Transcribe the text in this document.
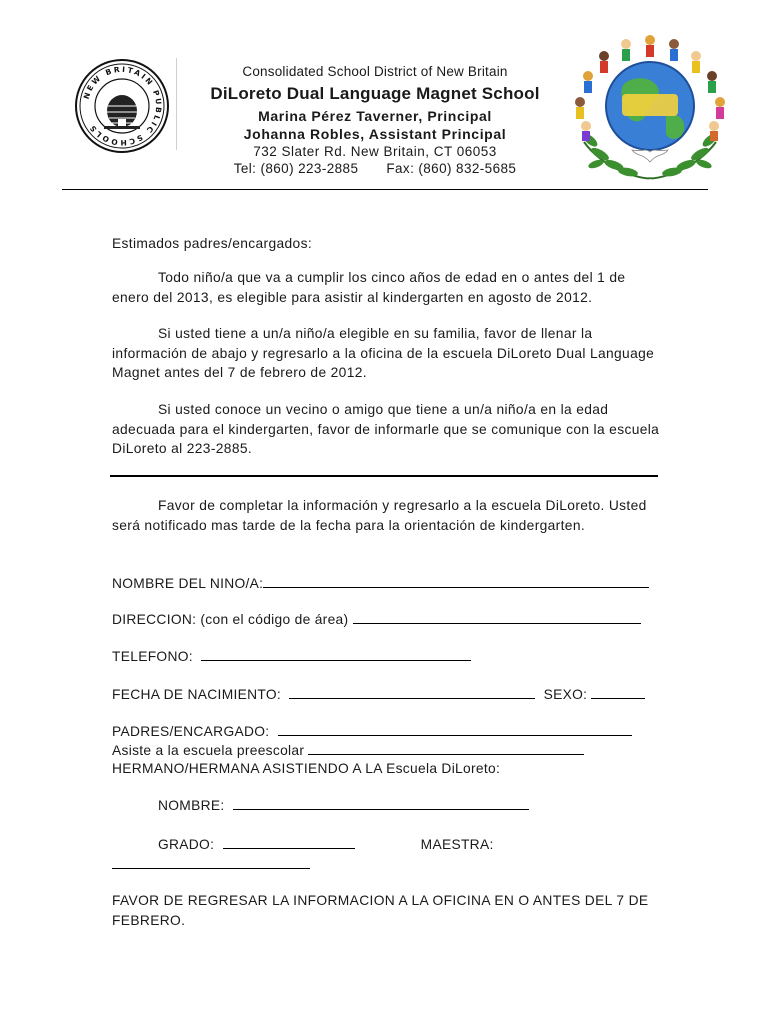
NEW BRITAIN PUBLIC SCHOOLS
Consolidated School District of New Britain
DiLoreto Dual Language Magnet School
Marina Pérez Taverner, Principal
Johanna Robles, Assistant Principal
732 Slater Rd. New Britain, CT 06053
Tel: (860) 223-2885 Fax: (860) 832-5685
Estimados padres/encargados:
Todo niño/a que va a cumplir los cinco años de edad en o antes del 1 de enero del 2013, es elegible para asistir al kindergarten en agosto de 2012.
Si usted tiene a un/a niño/a elegible en su familia, favor de llenar la información de abajo y regresarlo a la oficina de la escuela DiLoreto Dual Language Magnet antes del 7 de febrero de 2012.
Si usted conoce un vecino o amigo que tiene a un/a niño/a en la edad adecuada para el kindergarten, favor de informarle que se comunique con la escuela DiLoreto al 223-2885.
Favor de completar la información y regresarlo a la escuela DiLoreto. Usted será notificado mas tarde de la fecha para la orientación de kindergarten.
NOMBRE DEL NINO/A:
DIRECCION: (con el código de área)
TELEFONO:
FECHA DE NACIMIENTO:	SEXO:
PADRES/ENCARGADO:
Asiste a la escuela preescolar
HERMANO/HERMANA ASISTIENDO A LA Escuela DiLoreto:
NOMBRE:
GRADO:	MAESTRA:
FAVOR DE REGRESAR LA INFORMACION A LA OFICINA EN O ANTES DEL 7 DE FEBRERO.
